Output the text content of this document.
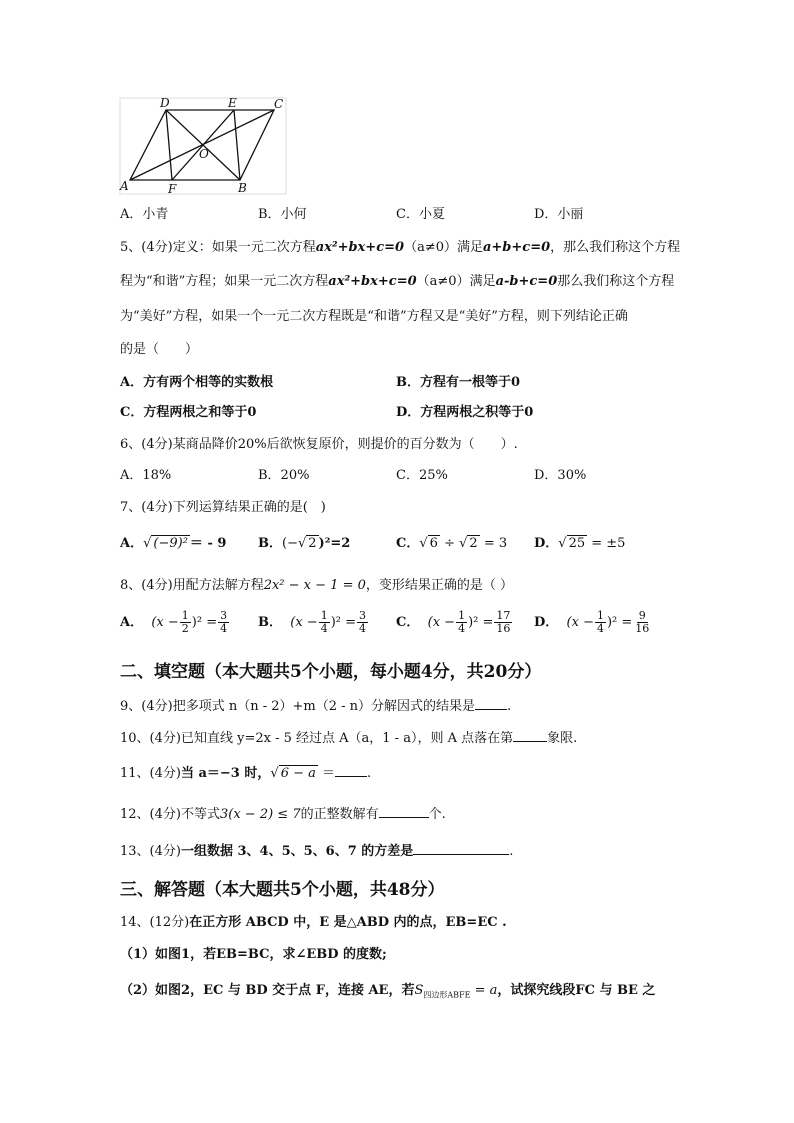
D	E	C
O
A	F	B
A．小青	B．小何	C．小夏	D．小丽
5、(4分)定义：如果一元二次方程ax²+bx+c=0（a≠0）满足a+b+c=0，那么我们称这个方程
程为“和谐”方程；如果一元二次方程ax²+bx+c=0（a≠0）满足a-b+c=0那么我们称这个方程
为“美好”方程，如果一个一元二次方程既是“和谐”方程又是“美好”方程，则下列结论正确
的是（　　）
A．方有两个相等的实数根	B．方程有一根等于0
C．方程两根之和等于0	D．方程两根之积等于0
6、(4分)某商品降价20%后欲恢复原价，则提价的百分数为（　　）.
A．18%	B．20%	C．25%	D．30%
7、(4分)下列运算结果正确的是(　)
A．√ (−9)² ＝ - 9 B．(−√ 2 )²=2	C．√ 6 ÷ √ 2 = 3 D．√ 25 = ±5
8、(4分)用配方法解方程2x² − x − 1 = 0，变形结果正确的是（ ）
A． $(x - \frac{1}{2} )^2 = \frac{3}{4}$ B． $(x - \frac{1}{4} )^2 = \frac{3}{4}$ C． $(x - \frac{1}{4} )^2 = \frac{17}{16}$ D． $(x - \frac{1}{4} )^2 = \frac{9}{16}$
二、填空题（本大题共5个小题，每小题4分，共20分）
9、(4分)把多项式 n（n - 2）+m（2 - n）分解因式的结果是 .
10、(4分)已知直线 y=2x - 5 经过点 A（a，1 - a），则 A 点落在第	象限.
11、(4分)当 a＝−3 时，√ 6 − a ＝ .
12、(4分)不等式3(x − 2) ≤ 7的正整数解有	个.
13、(4分)一组数据 3、4、5、5、6、7 的方差是	.
三、解答题（本大题共5个小题，共48分）
14、(12分)在正方形 ABCD 中，E 是△ABD 内的点，EB=EC .
（1）如图1，若EB=BC，求∠EBD 的度数;
（2）如图2，EC 与 BD 交于点 F，连接 AE，若$S_{四边形ABFE} = a$，试探究线段FC 与 BE 之
